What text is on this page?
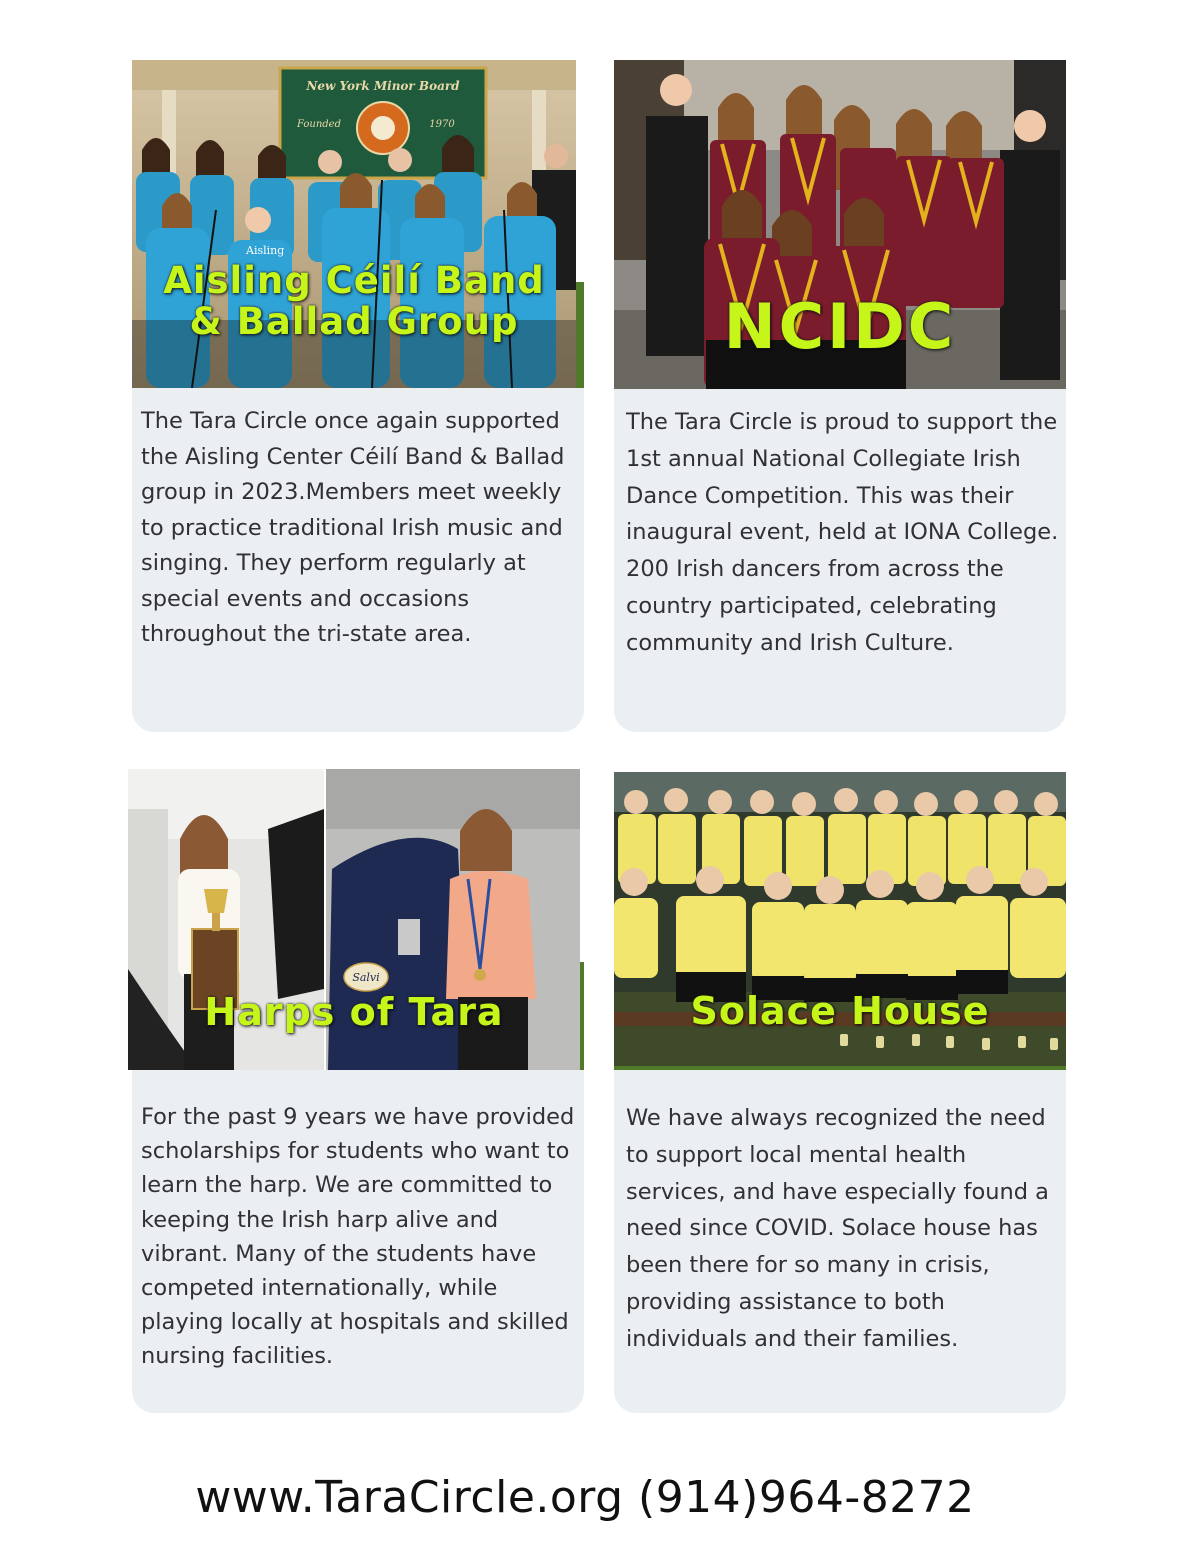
New York Minor Board
Founded	1970
Aisling
Aisling Céilí Band
& Ballad Group

The Tara Circle once again supported the Aisling Center Céilí Band & Ballad group in 2023.Members meet weekly to practice traditional Irish music and singing. They perform regularly at special events and occasions throughout the tri-state area.

NCIDC

The Tara Circle is proud to support the 1st annual National Collegiate Irish Dance Competition. This was their inaugural event, held at IONA College. 200 Irish dancers from across the country participated, celebrating community and Irish Culture.

Salvi
Harps of Tara

For the past 9 years we have provided scholarships for students who want to learn the harp. We are committed to keeping the Irish harp alive and vibrant. Many of the students have competed internationally, while playing locally at hospitals and skilled nursing facilities.

Solace House

We have always recognized the need to support local mental health services, and have especially found a need since COVID. Solace house has been there for so many in crisis, providing assistance to both individuals and their families.

www.TaraCircle.org (914)964-8272
